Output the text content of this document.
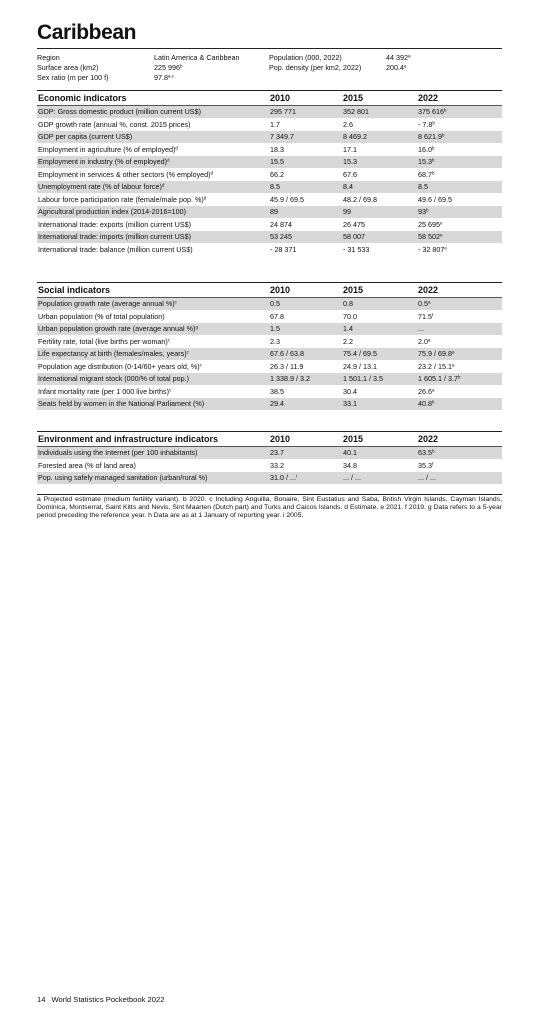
Caribbean
Region	Latin America & Caribbean	Population (000, 2022)	44 392$^a$
Surface area (km2)	225 996$^b$	Pop. density (per km2, 2022)	200.4$^a$
Sex ratio (m per 100 f)	97.8$^{a,c}$
Economic indicators	2010	2015	2022
GDP: Gross domestic product (million current US$)	295 771	352 801	375 616$^b$
GDP growth rate (annual %, const. 2015 prices)	1.7	2.6	- 7.8$^b$
GDP per capita (current US$)	7 349.7	8 469.2	8 621.9$^b$
Employment in agriculture (% of employed)$^d$	18.3	17.1	16.0$^b$
Employment in industry (% of employed)$^d$	15.5	15.3	15.3$^b$
Employment in services & other sectors (% employed)$^d$	66.2	67.6	68.7$^b$
Unemployment rate (% of labour force)$^d$	8.5	8.4	8.5
Labour force participation rate (female/male pop. %)$^d$	45.9 / 69.5	48.2 / 69.8	49.6 / 69.5
Agricultural production index (2014-2016=100)	89	99	93$^b$
International trade: exports (million current US$)	24 874	26 475	25 695e
International trade: imports (million current US$)	53 245	58 007	58 502e
International trade: balance (million current US$)	- 28 371	- 31 533	- 32 807e
Social indicators	2010	2015	2022
Population growth rate (average annual %)$^c$	0.5	0.8	0.5$^a$
Urban population (% of total population)	67.8	70.0	71.5$^f$
Urban population growth rate (average annual %)$^g$	1.5	1.4	...
Fertility rate, total (live births per woman)$^c$	2.3	2.2	2.0$^a$
Life expectancy at birth (females/males, years)$^c$	67.6 / 63.8	75.4 / 69.5	75.9 / 69.8$^a$
Population age distribution (0-14/60+ years old, %)$^c$	26.3 / 11.9	24.9 / 13.1	23.2 / 15.1$^a$
International migrant stock (000/% of total pop.)	1 338.9 / 3.2	1 501.1 / 3.5	1 605.1 / 3.7$^b$
Infant mortality rate (per 1 000 live births)$^c$	38.5	30.4	26.6$^a$
Seats held by women in the National Parliament (%)	29.4	33.1	40.8$^h$
Environment and infrastructure indicators	2010	2015	2022
Individuals using the Internet (per 100 inhabitants)	23.7	40.1	63.5$^b$
Forested area (% of land area)	33.2	34.8	35.3$^f$
Pop. using safely managed sanitation (urban/rural %)	31.0 / ...$^i$	... / ...	... / ...
a Projected estimate (medium fertility variant). b 2020. c Including Anguilla, Bonaire, Sint Eustatius and Saba, British Virgin Islands, Cayman Islands, Dominica, Montserrat, Saint Kitts and Nevis, Sint Maarten (Dutch part) and Turks and Caicos Islands. d Estimate. e 2021. f 2019. g Data refers to a 5-year period preceding the reference year. h Data are as at 1 January of reporting year. i 2005.
14 World Statistics Pocketbook 2022
